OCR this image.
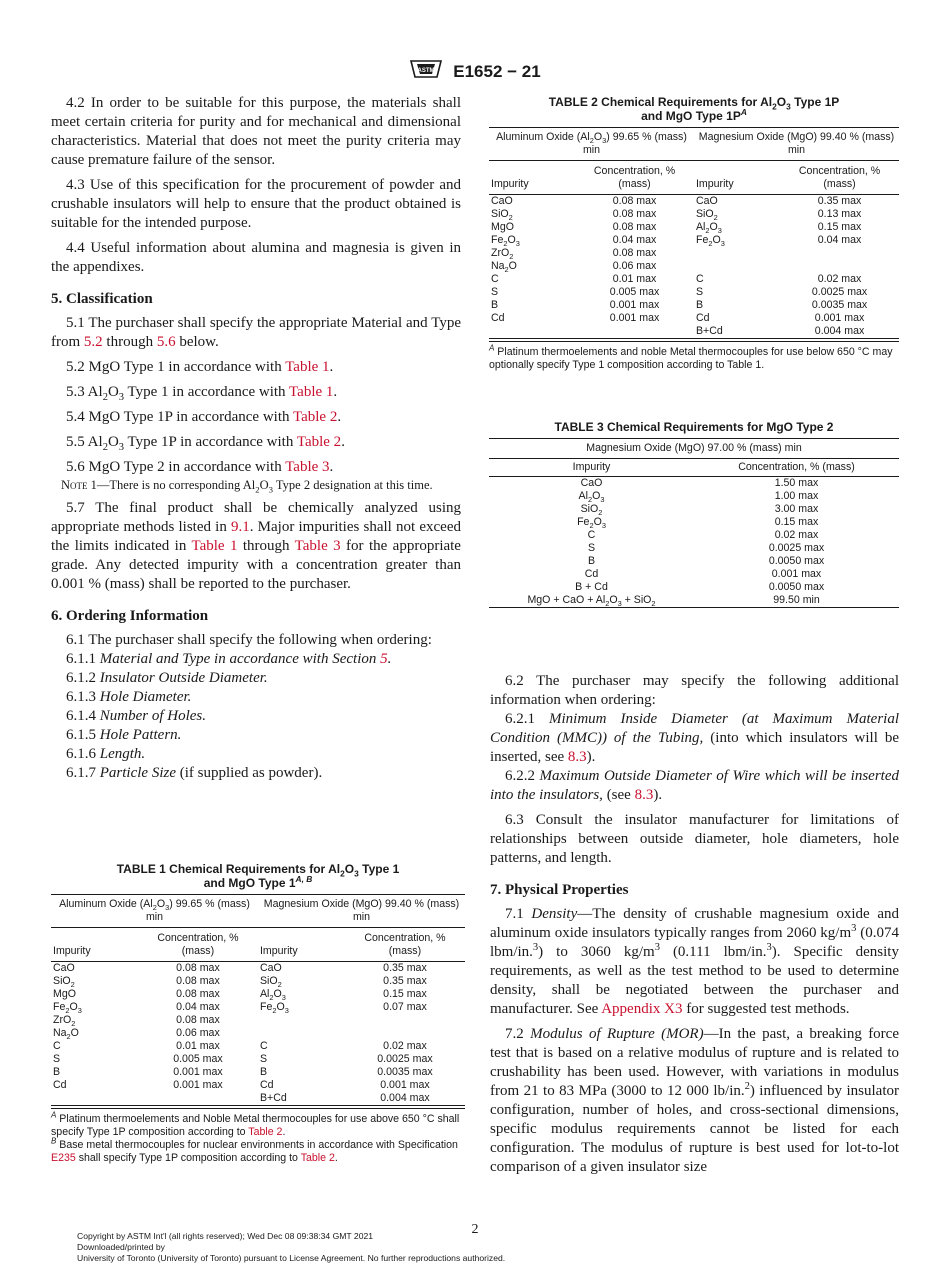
ASTM E1652 − 21

4.2 In order to be suitable for this purpose, the materials shall meet certain criteria for purity and for mechanical and dimensional characteristics. Material that does not meet the purity criteria may cause premature failure of the sensor.

4.3 Use of this specification for the procurement of powder and crushable insulators will help to ensure that the product obtained is suitable for the intended purpose.

4.4 Useful information about alumina and magnesia is given in the appendixes.

5. Classification

5.1 The purchaser shall specify the appropriate Material and Type from 5.2 through 5.6 below.

5.2 MgO Type 1 in accordance with Table 1.

5.3 $Al_2O_3$ Type 1 in accordance with Table 1.

5.4 MgO Type 1P in accordance with Table 2.

5.5 $Al_2O_3$ Type 1P in accordance with Table 2.

5.6 MgO Type 2 in accordance with Table 3.

Note 1—There is no corresponding $Al_2O_3$ Type 2 designation at this time.

5.7 The final product shall be chemically analyzed using appropriate methods listed in 9.1. Major impurities shall not exceed the limits indicated in Table 1 through Table 3 for the appropriate grade. Any detected impurity with a concentration greater than 0.001 % (mass) shall be reported to the purchaser.

6. Ordering Information

6.1 The purchaser shall specify the following when ordering:

6.1.1 Material and Type in accordance with Section 5.

6.1.2 Insulator Outside Diameter.

6.1.3 Hole Diameter.

6.1.4 Number of Holes.

6.1.5 Hole Pattern.

6.1.6 Length.

6.1.7 Particle Size (if supplied as powder).

TABLE 1 Chemical Requirements for $Al_2O_3$ Type 1
and MgO Type $1^{A, B}$
Aluminum Oxide $(Al_2O_3)$ 99.65 % (mass) min		Magnesium Oxide (MgO) 99.40 % (mass) min	
Impurity	Concentration, % (mass)	Impurity	Concentration, % (mass)
CaO	0.08 max	CaO	0.35 max
SiO$_2$	0.08 max	SiO$_2$	0.35 max
MgO	0.08 max	$Al_2O_3$	0.15 max
$Fe_2O_3$	0.04 max	$Fe_2O_3$	0.07 max
ZrO$_2$	0.08 max		
$Na_2O$	0.06 max		
C	0.01 max	C	0.02 max
S	0.005 max	S	0.0025 max
B	0.001 max	B	0.0035 max
Cd	0.001 max	Cd	0.001 max
		B+Cd	0.004 max
$^A$ Platinum thermoelements and Noble Metal thermocouples for use above 650 °C shall specify Type 1P composition according to Table 2.
$^B$ Base metal thermocouples for nuclear environments in accordance with Specification E235 shall specify Type 1P composition according to Table 2.
TABLE 2 Chemical Requirements for $Al_2O_3$ Type 1P
and MgO Type $1P^A$
Aluminum Oxide $(Al_2O_3)$ 99.65 % (mass) min		Magnesium Oxide (MgO) 99.40 % (mass) min	
Impurity	Concentration, % (mass)	Impurity	Concentration, % (mass)
CaO	0.08 max	CaO	0.35 max
SiO$_2$	0.08 max	SiO$_2$	0.13 max
MgO	0.08 max	$Al_2O_3$	0.15 max
$Fe_2O_3$	0.04 max	$Fe_2O_3$	0.04 max
ZrO$_2$	0.08 max		
$Na_2O$	0.06 max		
C	0.01 max	C	0.02 max
S	0.005 max	S	0.0025 max
B	0.001 max	B	0.0035 max
Cd	0.001 max	Cd	0.001 max
		B+Cd	0.004 max
$^A$ Platinum thermoelements and noble Metal thermocouples for use below 650 °C may optionally specify Type 1 composition according to Table 1.
TABLE 3 Chemical Requirements for MgO Type 2
Magnesium Oxide (MgO) 97.00 % (mass) min	
Impurity	Concentration, % (mass)
CaO	1.50 max
$Al_2O_3$	1.00 max
SiO$_2$	3.00 max
$Fe_2O_3$	0.15 max
C	0.02 max
S	0.0025 max
B	0.0050 max
Cd	0.001 max
B + Cd	0.0050 max
MgO + CaO + $Al_2O_3 + SiO_2$	99.50 min

6.2 The purchaser may specify the following additional information when ordering:

6.2.1 Minimum Inside Diameter (at Maximum Material Condition (MMC)) of the Tubing, (into which insulators will be inserted, see 8.3).

6.2.2 Maximum Outside Diameter of Wire which will be inserted into the insulators, (see 8.3).

6.3 Consult the insulator manufacturer for limitations of relationships between outside diameter, hole diameters, hole patterns, and length.

7. Physical Properties

7.1 Density—The density of crushable magnesium oxide and aluminum oxide insulators typically ranges from 2060 $kg/m^3$ (0.074 lbm/in.$^3$) to 3060 $kg/m^3$ (0.111 lbm/in.$^3$). Specific density requirements, as well as the test method to be used to determine density, shall be negotiated between the purchaser and manufacturer. See Appendix X3 for suggested test methods.

7.2 Modulus of Rupture (MOR)—In the past, a breaking force test that is based on a relative modulus of rupture and is related to crushability has been used. However, with variations in modulus from 21 to 83 MPa (3000 to 12 000 lb/in.$^2$) influenced by insulator configuration, number of holes, and cross-sectional dimensions, specific modulus requirements cannot be listed for each configuration. The modulus of rupture is best used for lot-to-lot comparison of a given insulator size

2
Copyright by ASTM Int'l (all rights reserved); Wed Dec 08 09:38:34 GMT 2021
Downloaded/printed by
University of Toronto (University of Toronto) pursuant to License Agreement. No further reproductions authorized.
